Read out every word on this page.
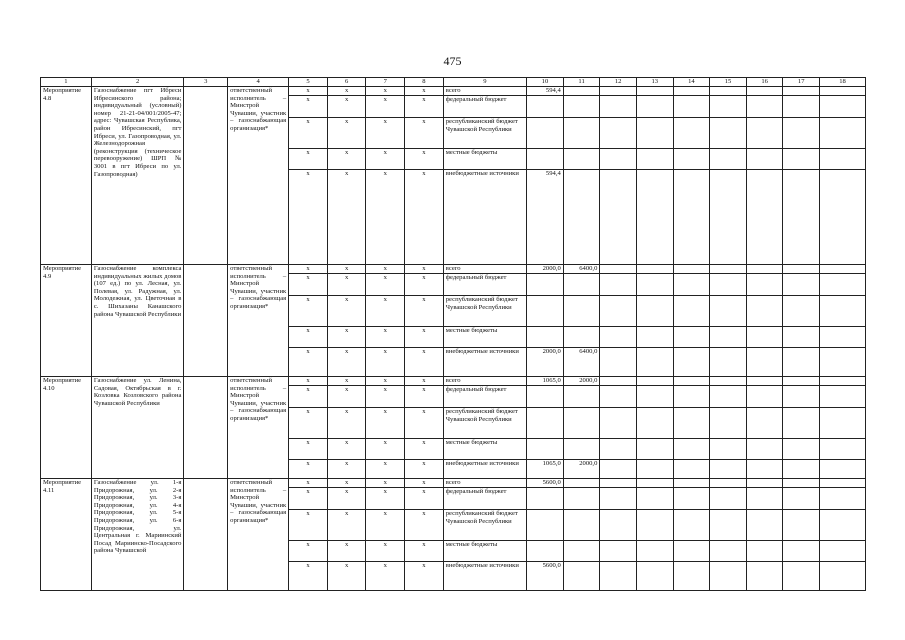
475
1	2	3	4	5	6	7	8	9	10	11	12	13	14	15	16	17	18
Мероприятие 4.8	Газоснабжение пгт Ибреси Ибресинского района; индивидуальный (условный) номер 21-21-04/001/2005-47; адрес: Чувашская Республика, район Ибресинский, пгт Ибреси, ул. Газопроводная, ул. Железнодорожная (реконструкция (техническое перевооружение) ШРП № 3001 в пгт Ибреси по ул. Газопроводная)		ответственный исполнитель – Минстрой Чувашии, участник – газоснабжающая организация*	x	x	x	x	всего	594,4								
				x	x	x	x	федеральный бюджет									
				x	x	x	x	республиканский бюджет Чувашской Республики									
				x	x	x	x	местные бюджеты									
				x	x	x	x	внебюджетные источники	594,4								
Мероприятие 4.9	Газоснабжение комплекса индивидуальных жилых домов (107 ед.) по ул. Лесная, ул. Полевая, ул. Радужная, ул. Молодежная, ул. Цветочная в с. Шихазаны Канашского района Чувашской Республики		ответственный исполнитель – Минстрой Чувашии, участник – газоснабжающая организация*	x	x	x	x	всего	2000,0	6400,0							
				x	x	x	x	федеральный бюджет									
				x	x	x	x	республиканский бюджет Чувашской Республики									
				x	x	x	x	местные бюджеты									
				x	x	x	x	внебюджетные источники	2000,0	6400,0							
Мероприятие 4.10	Газоснабжение ул. Ленина, Садовая, Октябрьская в г. Козловка Козловского района Чувашской Республики		ответственный исполнитель – Минстрой Чувашии, участник – газоснабжающая организация*	x	x	x	x	всего	1065,0	2000,0							
				x	x	x	x	федеральный бюджет									
				x	x	x	x	республиканский бюджет Чувашской Республики									
				x	x	x	x	местные бюджеты									
				x	x	x	x	внебюджетные источники	1065,0	2000,0							
Мероприятие 4.11	Газоснабжение ул. 1-я Придорожная, ул. 2-я Придорожная, ул. 3-я Придорожная, ул. 4-я Придорожная, ул. 5-я Придорожная, ул. 6-я Придорожная, ул. Центральная г. Мариинский Посад Мариинско-Посадского района Чувашской		ответственный исполнитель – Минстрой Чувашии, участник – газоснабжающая организация*	x	x	x	x	всего	5600,0								
				x	x	x	x	федеральный бюджет									
				x	x	x	x	республиканский бюджет Чувашской Республики									
				x	x	x	x	местные бюджеты									
				x	x	x	x	внебюджетные источники	5600,0								
